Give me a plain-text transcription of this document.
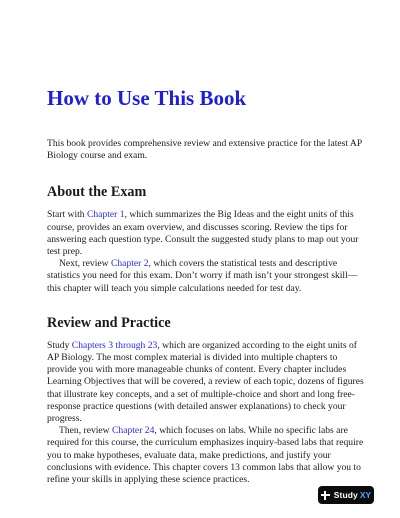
How to Use This Book

This book provides comprehensive review and extensive practice for the latest AP Biology course and exam.

About the Exam

Start with Chapter 1, which summarizes the Big Ideas and the eight units of this course, provides an exam overview, and discusses scoring. Review the tips for answering each question type. Consult the suggested study plans to map out your test prep.

Next, review Chapter 2, which covers the statistical tests and descriptive statistics you need for this exam. Don’t worry if math isn’t your strongest skill—this chapter will teach you simple calculations needed for test day.

Review and Practice

Study Chapters 3 through 23, which are organized according to the eight units of AP Biology. The most complex material is divided into multiple chapters to provide you with more manageable chunks of content. Every chapter includes Learning Objectives that will be covered, a review of each topic, dozens of figures that illustrate key concepts, and a set of multiple-choice and short and long free-response practice questions (with detailed answer explanations) to check your progress.

Then, review Chapter 24, which focuses on labs. While no specific labs are required for this course, the curriculum emphasizes inquiry-based labs that require you to make hypotheses, evaluate data, make predictions, and justify your conclusions with evidence. This chapter covers 13 common labs that allow you to refine your skills in applying these science practices.

Study XY
